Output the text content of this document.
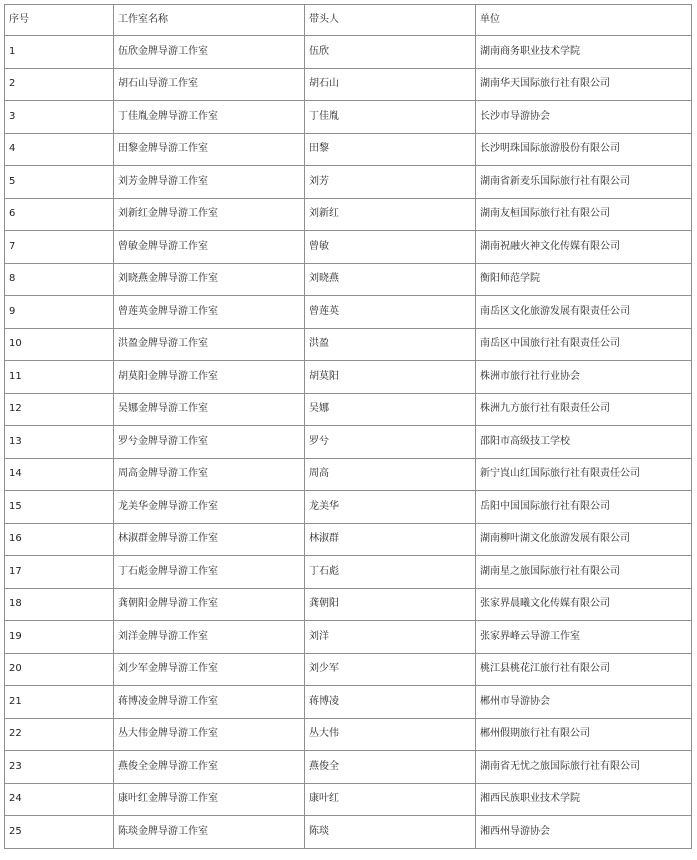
序号	工作室名称	带头人	单位
1	伍欣金牌导游工作室	伍欣	湖南商务职业技术学院
2	胡石山导游工作室	胡石山	湖南华天国际旅行社有限公司
3	丁佳胤金牌导游工作室	丁佳胤	长沙市导游协会
4	田黎金牌导游工作室	田黎	长沙明珠国际旅游股份有限公司
5	刘芳金牌导游工作室	刘芳	湖南省新麦乐国际旅行社有限公司
6	刘新红金牌导游工作室	刘新红	湖南友桓国际旅行社有限公司
7	曾敏金牌导游工作室	曾敏	湖南祝融火神文化传媒有限公司
8	刘晓燕金牌导游工作室	刘晓燕	衡阳师范学院
9	曾莲英金牌导游工作室	曾莲英	南岳区文化旅游发展有限责任公司
10	洪盈金牌导游工作室	洪盈	南岳区中国旅行社有限责任公司
11	胡莫阳金牌导游工作室	胡莫阳	株洲市旅行社行业协会
12	吴娜金牌导游工作室	吴娜	株洲九方旅行社有限责任公司
13	罗兮金牌导游工作室	罗兮	邵阳市高级技工学校
14	周高金牌导游工作室	周高	新宁崀山红国际旅行社有限责任公司
15	龙美华金牌导游工作室	龙美华	岳阳中国国际旅行社有限公司
16	林淑群金牌导游工作室	林淑群	湖南柳叶湖文化旅游发展有限公司
17	丁石彪金牌导游工作室	丁石彪	湖南星之旅国际旅行社有限公司
18	龚朝阳金牌导游工作室	龚朝阳	张家界晨曦文化传媒有限公司
19	刘洋金牌导游工作室	刘洋	张家界峰云导游工作室
20	刘少军金牌导游工作室	刘少军	桃江县桃花江旅行社有限公司
21	蒋博凌金牌导游工作室	蒋博凌	郴州市导游协会
22	丛大伟金牌导游工作室	丛大伟	郴州假期旅行社有限公司
23	燕俊全金牌导游工作室	燕俊全	湖南省无忧之旅国际旅行社有限公司
24	康叶红金牌导游工作室	康叶红	湘西民族职业技术学院
25	陈琰金牌导游工作室	陈琰	湘西州导游协会
